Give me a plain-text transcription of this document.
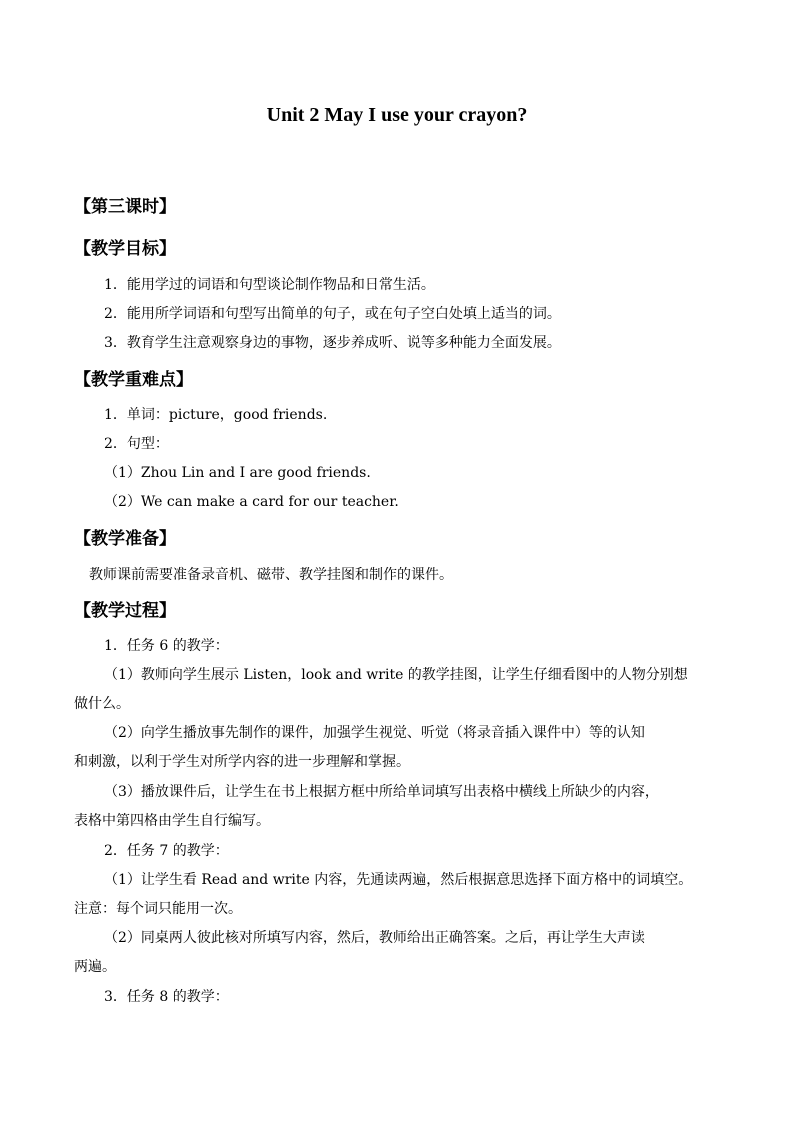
Unit 2 May I use your crayon?
【第三课时】
【教学目标】
1．能用学过的词语和句型谈论制作物品和日常生活。
2．能用所学词语和句型写出简单的句子，或在句子空白处填上适当的词。
3．教育学生注意观察身边的事物，逐步养成听、说等多种能力全面发展。
【教学重难点】
1．单词：picture，good friends.
2．句型：
（1）Zhou Lin and I are good friends.
（2）We can make a card for our teacher.
【教学准备】
教师课前需要准备录音机、磁带、教学挂图和制作的课件。
【教学过程】
1．任务 6 的教学：
（1）教师向学生展示 Listen，look and write 的教学挂图，让学生仔细看图中的人物分别想
做什么。
（2）向学生播放事先制作的课件，加强学生视觉、听觉（将录音插入课件中）等的认知
和刺激，以利于学生对所学内容的进一步理解和掌握。
（3）播放课件后，让学生在书上根据方框中所给单词填写出表格中横线上所缺少的内容，
表格中第四格由学生自行编写。
2．任务 7 的教学：
（1）让学生看 Read and write 内容，先通读两遍，然后根据意思选择下面方格中的词填空。
注意：每个词只能用一次。
（2）同桌两人彼此核对所填写内容，然后，教师给出正确答案。之后，再让学生大声读
两遍。
3．任务 8 的教学：
